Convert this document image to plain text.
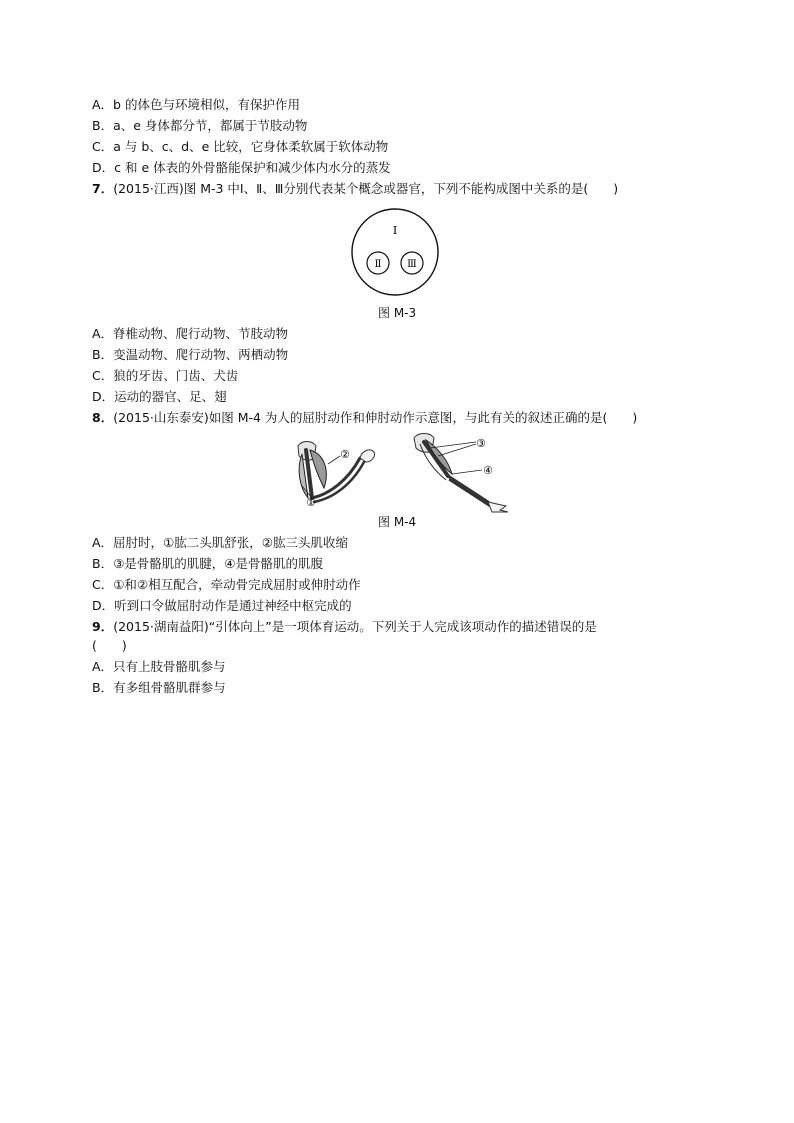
A．b 的体色与环境相似，有保护作用
B．a、e 身体都分节，都属于节肢动物
C．a 与 b、c、d、e 比较，它身体柔软属于软体动物
D．c 和 e 体表的外骨骼能保护和减少体内水分的蒸发
7．(2015·江西)图 M-3 中Ⅰ、Ⅱ、Ⅲ分别代表某个概念或器官，下列不能构成图中关系的是(　　)
Ⅰ
Ⅱ	Ⅲ
图 M-3
A．脊椎动物、爬行动物、节肢动物
B．变温动物、爬行动物、两栖动物
C．狼的牙齿、门齿、犬齿
D．运动的器官、足、翅
8．(2015·山东泰安)如图 M-4 为人的屈肘动作和伸肘动作示意图，与此有关的叙述正确的是(　　)
①
②
③
④
图 M-4
A．屈肘时，①肱二头肌舒张，②肱三头肌收缩
B．③是骨骼肌的肌腱，④是骨骼肌的肌腹
C．①和②相互配合，牵动骨完成屈肘或伸肘动作
D．听到口令做屈肘动作是通过神经中枢完成的
9．(2015·湖南益阳)“引体向上”是一项体育运动。下列关于人完成该项动作的描述错误的是
(　　)
A．只有上肢骨骼肌参与
B．有多组骨骼肌群参与
